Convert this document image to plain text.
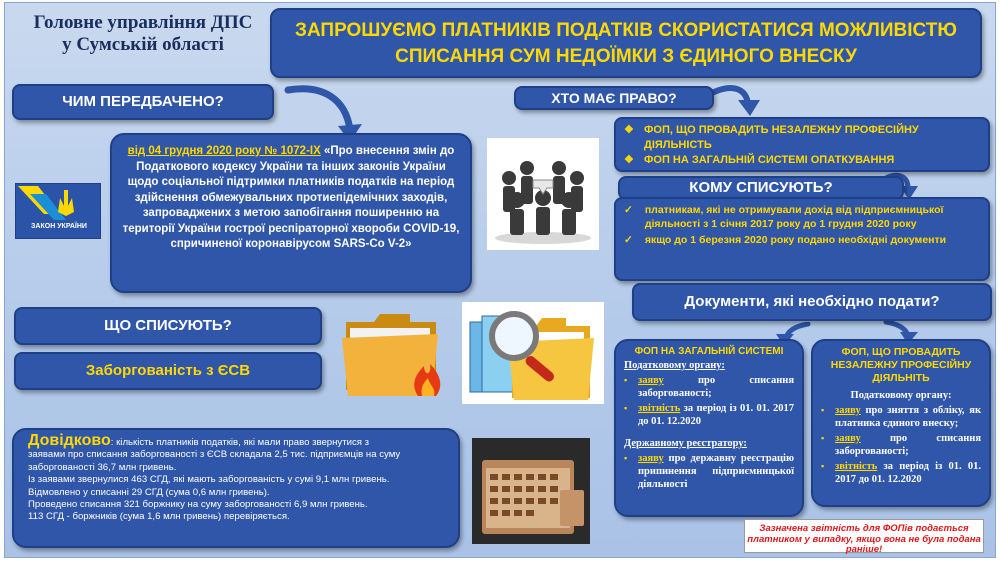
Головне управління ДПС у Сумській області
ЗАПРОШУЄМО ПЛАТНИКІВ ПОДАТКІВ СКОРИСТАТИСЯ МОЖЛИВІСТЮ СПИСАННЯ СУМ НЕДОЇМКИ З ЄДИНОГО ВНЕСКУ
ЧИМ ПЕРЕДБАЧЕНО?
ЗАКОН УКРАЇНИ
від 04 грудня 2020 року № 1072-IX «Про внесення змін до Податкового кодексу України та інших законів України щодо соціальної підтримки платників податків на період здійснення обмежувальних протиепідемічних заходів, запроваджених з метою запобігання поширенню на території України гострої респіраторної хвороби COVID-19, спричиненої коронавірусом SARS-Co V-2»
ЩО СПИСУЮТЬ?
Заборгованість з ЄСВ
ХТО МАЄ ПРАВО?
❖ ФОП, ЩО ПРОВАДИТЬ НЕЗАЛЕЖНУ ПРОФЕСІЙНУ ДІЯЛЬНІСТЬ
❖ ФОП НА ЗАГАЛЬНІЙ СИСТЕМІ ОПАТКУВАННЯ
КОМУ СПИСУЮТЬ?
✓ платникам, які не отримували дохід від підприємницької діяльності з 1 січня 2017 року до 1 грудня 2020 року
✓ якщо до 1 березня 2020 року подано необхідні документи
Документи, які необхідно подати?
ФОП НА ЗАГАЛЬНІЙ СИСТЕМІ
Податковому органу:
▪	заяву про списання заборгованості;
▪	звітність за період із 01. 01. 2017 до 01. 12.2020
Державному реєстратору:
▪	заяву про державну реєстрацію припинення підприємницької діяльності
ФОП, ЩО ПРОВАДИТЬ НЕЗАЛЕЖНУ ПРОФЕСІЙНУ ДІЯЛЬНІТЬ
Податковому органу:
▪	заяву про зняття з обліку, як платника єдиного внеску;
▪	заяву про списання заборгованості;
▪	звітність за період із 01. 01. 2017 до 01. 12.2020
Довідково: кількість платників податків, які мали право звернутися з
заявами про списання заборгованості з ЄСВ складала 2,5 тис. підприємців на суму
заборгованості 36,7 млн гривень.
Із заявами звернулися 463 СГД, які мають заборгованість у сумі 9,1 млн гривень.
Відмовлено у списанні 29 СГД (сума 0,6 млн гривень).
Проведено списання 321 боржнику на суму заборгованості 6,9 млн гривень.
113 СГД - боржників (сума 1,6 млн гривень) перевіряється.
Зазначена звітність для ФОПів подається платником у випадку, якщо вона не була подана раніше!
